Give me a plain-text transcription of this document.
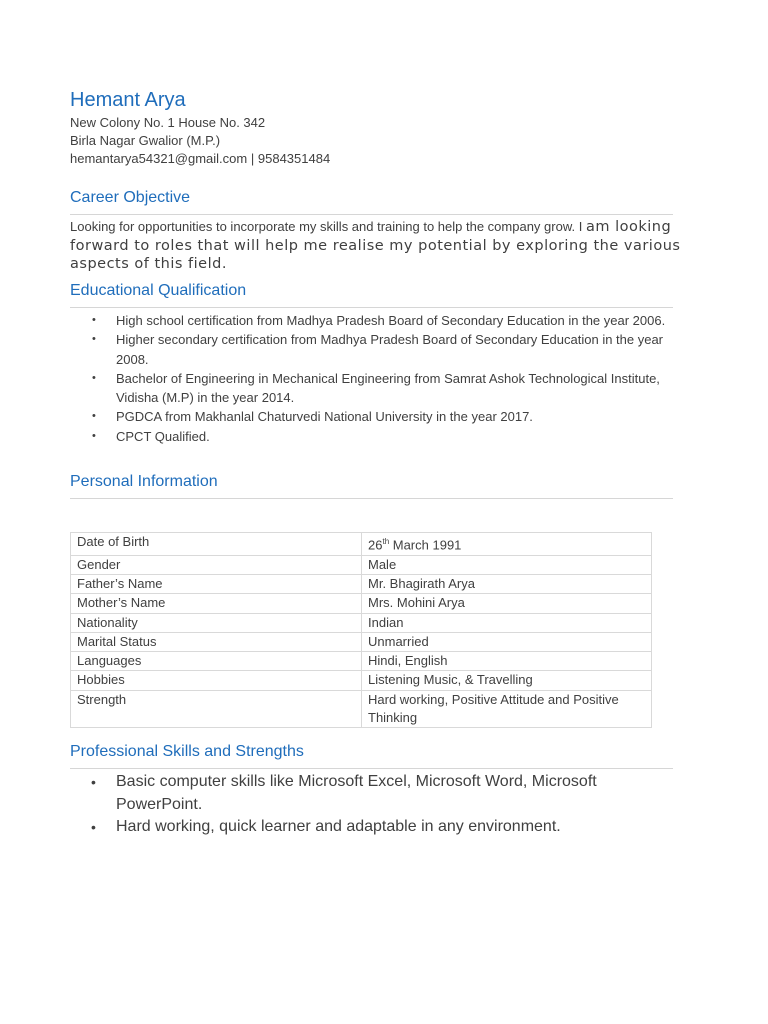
Hemant Arya
New Colony No. 1 House No. 342
Birla Nagar Gwalior (M.P.)
hemantarya54321@gmail.com | 9584351484
Career Objective
Looking for opportunities to incorporate my skills and training to help the company grow. I am looking forward to roles that will help me realise my potential by exploring the various aspects of this field.
Educational Qualification
• High school certification from Madhya Pradesh Board of Secondary Education in the year 2006.
• Higher secondary certification from Madhya Pradesh Board of Secondary Education in the year 2008.
• Bachelor of Engineering in Mechanical Engineering from Samrat Ashok Technological Institute, Vidisha (M.P) in the year 2014.
• PGDCA from Makhanlal Chaturvedi National University in the year 2017.
• CPCT Qualified.
Personal Information
Date of Birth	26th March 1991
Gender	Male
Father’s Name	Mr. Bhagirath Arya
Mother’s Name	Mrs. Mohini Arya
Nationality	Indian
Marital Status	Unmarried
Languages	Hindi, English
Hobbies	Listening Music, & Travelling
Strength	Hard working, Positive Attitude and Positive Thinking
Professional Skills and Strengths
• Basic computer skills like Microsoft Excel, Microsoft Word, Microsoft PowerPoint.
• Hard working, quick learner and adaptable in any environment.
